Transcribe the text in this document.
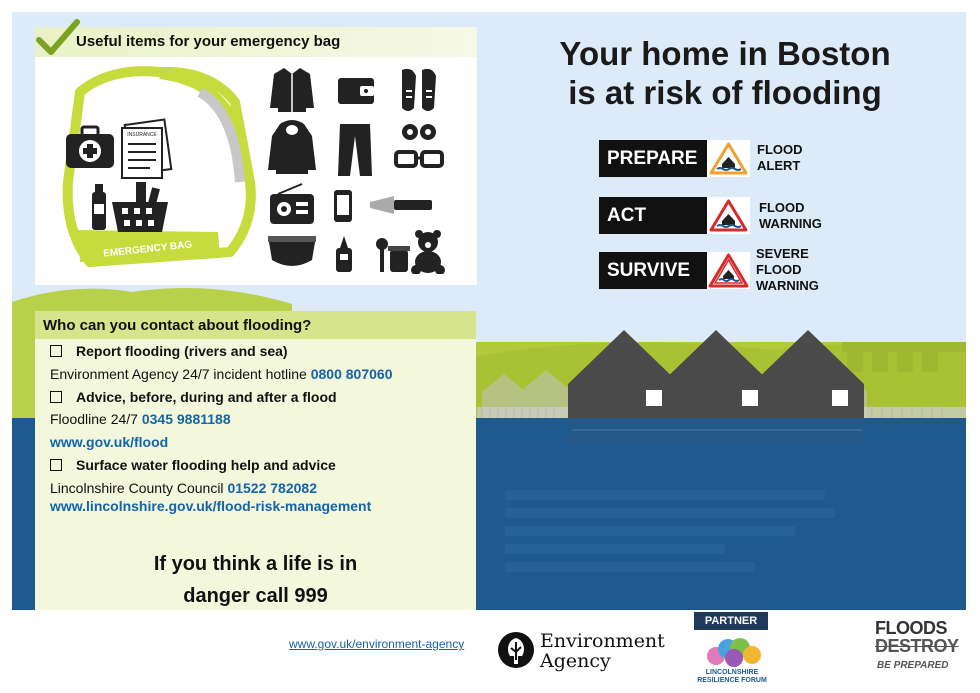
Useful items for your emergency bag
EMERGENCY BAG
INSURANCE
Your home in Boston
is at risk of flooding
PREPARE	FLOOD
ALERT
ACT	FLOOD
WARNING
SURVIVE
SEVERE
FLOOD
WARNING
Who can you contact about flooding?
Report flooding (rivers and sea)
Environment Agency 24/7 incident hotline 0800 807060
Advice, before, during and after a flood
Floodline 24/7 0345 9881188
www.gov.uk/flood
Surface water flooding help and advice
Lincolnshire County Council 01522 782082
www.lincolnshire.gov.uk/flood-risk-management
If you think a life is in
danger call 999
www.gov.uk/environment-agency	Environment
Agency
PARTNER
LINCOLNSHIRE
RESILIENCE FORUM
FLOODS
DESTROY
BE PREPARED
